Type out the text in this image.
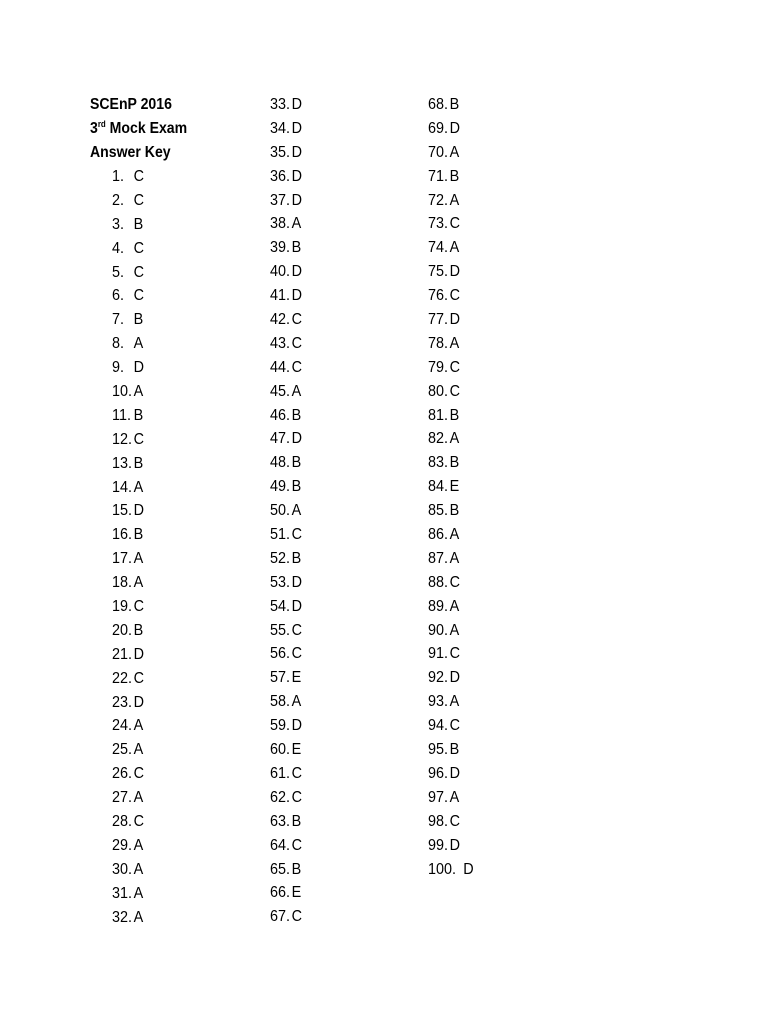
SCEnP 2016
3rd Mock Exam
Answer Key
1. C
2. C
3. B
4. C
5. C
6. C
7. B
8. A
9. D
10.A
11. B
12.C
13.B
14.A
15.D
16.B
17.A
18.A
19.C
20.B
21.D
22.C
23.D
24.A
25.A
26.C
27.A
28.C
29.A
30.A
31.A
32.A
33.D
34.D
35.D
36.D
37.D
38.A
39.B
40.D
41.D
42.C
43.C
44.C
45.A
46.B
47.D
48.B
49.B
50.A
51.C
52.B
53.D
54.D
55.C
56.C
57.E
58.A
59.D
60.E
61.C
62.C
63.B
64.C
65.B
66.E
67.C
68.B
69.D
70.A
71.B
72.A
73.C
74.A
75.D
76.C
77.D
78.A
79.C
80.C
81.B
82.A
83.B
84.E
85.B
86.A
87.A
88.C
89.A
90.A
91.C
92.D
93.A
94.C
95.B
96.D
97.A
98.C
99.D
100. D
